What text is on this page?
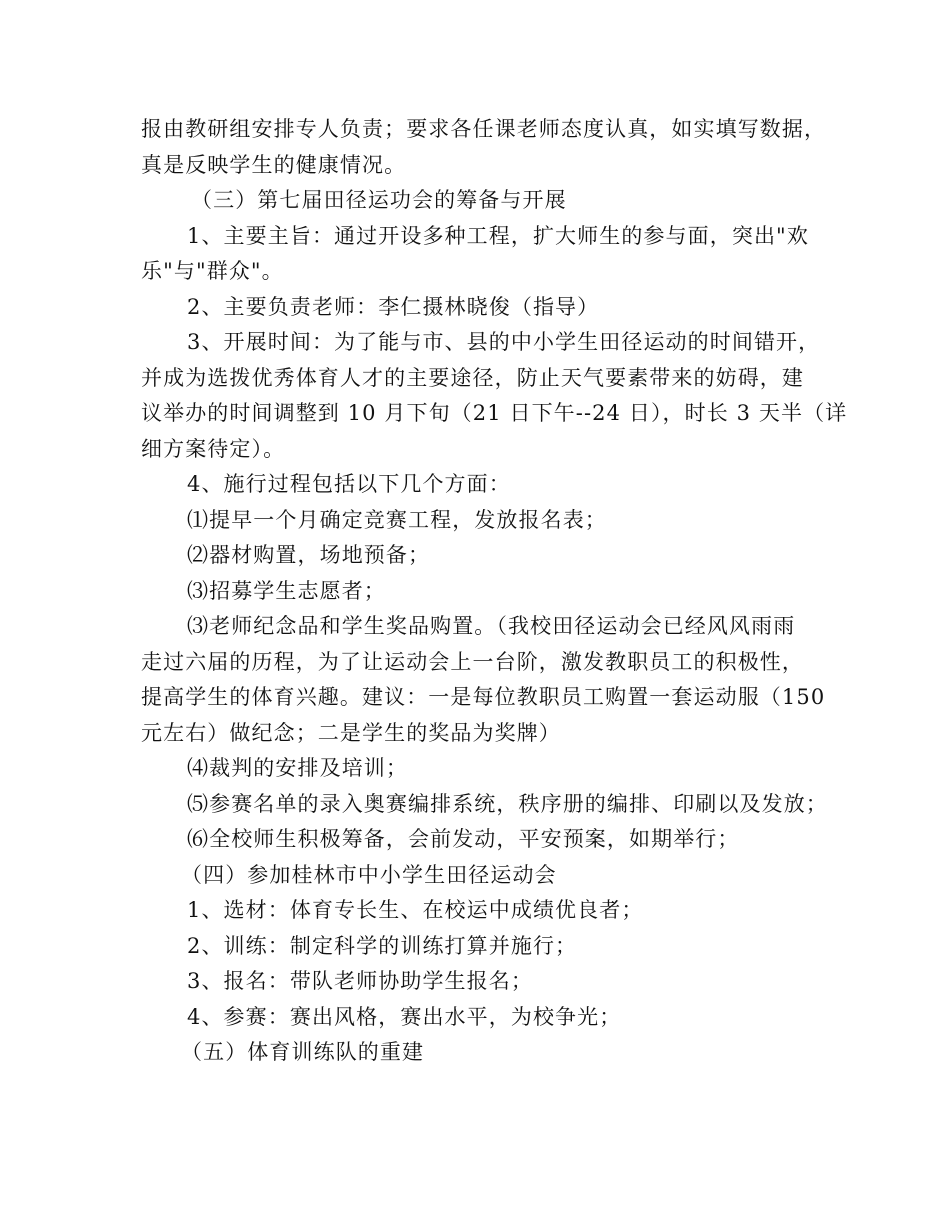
报由教研组安排专人负责；要求各任课老师态度认真，如实填写数据，
真是反映学生的健康情况。
（三）第七届田径运功会的筹备与开展
1、主要主旨：通过开设多种工程，扩大师生的参与面，突出"欢
乐"与"群众"。
2、主要负责老师：李仁摄林晓俊（指导）
3、开展时间：为了能与市、县的中小学生田径运动的时间错开，
并成为选拨优秀体育人才的主要途径，防止天气要素带来的妨碍，建
议举办的时间调整到 10 月下旬（21 日下午--24 日），时长 3 天半（详
细方案待定）。
4、施行过程包括以下几个方面：
⑴提早一个月确定竞赛工程，发放报名表；
⑵器材购置，场地预备；
⑶招募学生志愿者；
⑶老师纪念品和学生奖品购置。（我校田径运动会已经风风雨雨
走过六届的历程，为了让运动会上一台阶，激发教职员工的积极性，
提高学生的体育兴趣。建议：一是每位教职员工购置一套运动服（150
元左右）做纪念；二是学生的奖品为奖牌）
⑷裁判的安排及培训；
⑸参赛名单的录入奥赛编排系统，秩序册的编排、印刷以及发放；
⑹全校师生积极筹备，会前发动，平安预案，如期举行；
（四）参加桂林市中小学生田径运动会
1、选材：体育专长生、在校运中成绩优良者；
2、训练：制定科学的训练打算并施行；
3、报名：带队老师协助学生报名；
4、参赛：赛出风格，赛出水平，为校争光；
（五）体育训练队的重建
